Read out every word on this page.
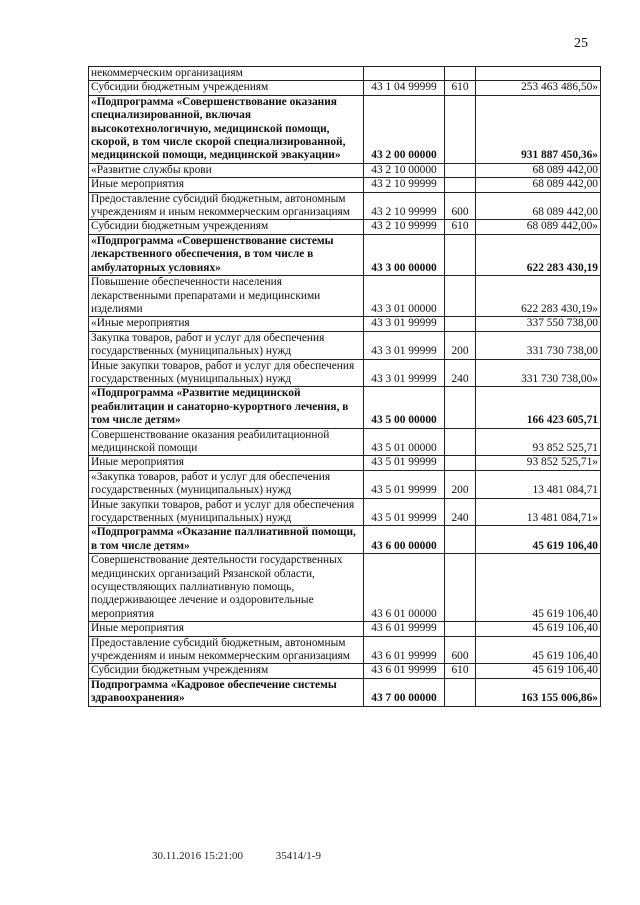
25
некоммерческим организациям			
Субсидии бюджетным учреждениям	43 1 04 99999	610	253 463 486,50»
«Подпрограмма «Совершенствование оказания специализированной, включая высокотехнологичную, медицинской помощи, скорой, в том числе скорой специализированной, медицинской помощи, медицинской эвакуации»	43 2 00 00000		931 887 450,36»
«Развитие службы крови	43 2 10 00000		68 089 442,00
Иные мероприятия	43 2 10 99999		68 089 442,00
Предоставление субсидий бюджетным, автономным учреждениям и иным некоммерческим организациям	43 2 10 99999	600	68 089 442,00
Субсидии бюджетным учреждениям	43 2 10 99999	610	68 089 442,00»
«Подпрограмма «Совершенствование системы лекарственного обеспечения, в том числе в амбулаторных условиях»	43 3 00 00000		622 283 430,19
Повышение обеспеченности населения лекарственными препаратами и медицинскими изделиями	43 3 01 00000		622 283 430,19»
«Иные мероприятия	43 3 01 99999		337 550 738,00
Закупка товаров, работ и услуг для обеспечения государственных (муниципальных) нужд	43 3 01 99999	200	331 730 738,00
Иные закупки товаров, работ и услуг для обеспечения государственных (муниципальных) нужд	43 3 01 99999	240	331 730 738,00»
«Подпрограмма «Развитие медицинской реабилитации и санаторно-курортного лечения, в том числе детям»	43 5 00 00000		166 423 605,71
Совершенствование оказания реабилитационной медицинской помощи	43 5 01 00000		93 852 525,71
Иные мероприятия	43 5 01 99999		93 852 525,71»
«Закупка товаров, работ и услуг для обеспечения государственных (муниципальных) нужд	43 5 01 99999	200	13 481 084,71
Иные закупки товаров, работ и услуг для обеспечения государственных (муниципальных) нужд	43 5 01 99999	240	13 481 084,71»
«Подпрограмма «Оказание паллиативной помощи, в том числе детям»	43 6 00 00000		45 619 106,40
Совершенствование деятельности государственных медицинских организаций Рязанской области, осуществляющих паллиативную помощь, поддерживающее лечение и оздоровительные мероприятия	43 6 01 00000		45 619 106,40
Иные мероприятия	43 6 01 99999		45 619 106,40
Предоставление субсидий бюджетным, автономным учреждениям и иным некоммерческим организациям	43 6 01 99999	600	45 619 106,40
Субсидии бюджетным учреждениям	43 6 01 99999	610	45 619 106,40
Подпрограмма «Кадровое обеспечение системы здравоохранения»	43 7 00 00000		163 155 006,86»
30.11.2016 15:21:00	35414/1-9
